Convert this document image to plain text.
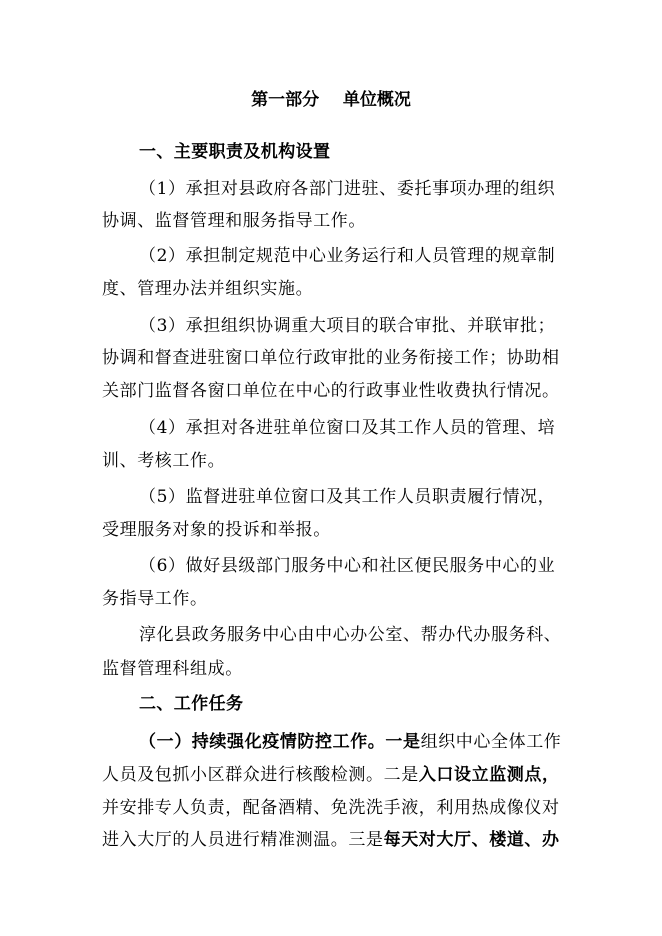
第一部分    单位概况
一、主要职责及机构设置
（1）承担对县政府各部门进驻、委托事项办理的组织
协调、监督管理和服务指导工作。
（2）承担制定规范中心业务运行和人员管理的规章制
度、管理办法并组织实施。
（3）承担组织协调重大项目的联合审批、并联审批；
协调和督查进驻窗口单位行政审批的业务衔接工作；协助相
关部门监督各窗口单位在中心的行政事业性收费执行情况。
（4）承担对各进驻单位窗口及其工作人员的管理、培
训、考核工作。
（5）监督进驻单位窗口及其工作人员职责履行情况，
受理服务对象的投诉和举报。
（6）做好县级部门服务中心和社区便民服务中心的业
务指导工作。
淳化县政务服务中心由中心办公室、帮办代办服务科、
监督管理科组成。
二、工作任务
（一）持续强化疫情防控工作。一是组织中心全体工作
人员及包抓小区群众进行核酸检测。二是入口设立监测点，
并安排专人负责，配备酒精、免洗洗手液，利用热成像仪对
进入大厅的人员进行精准测温。三是每天对大厅、楼道、办
